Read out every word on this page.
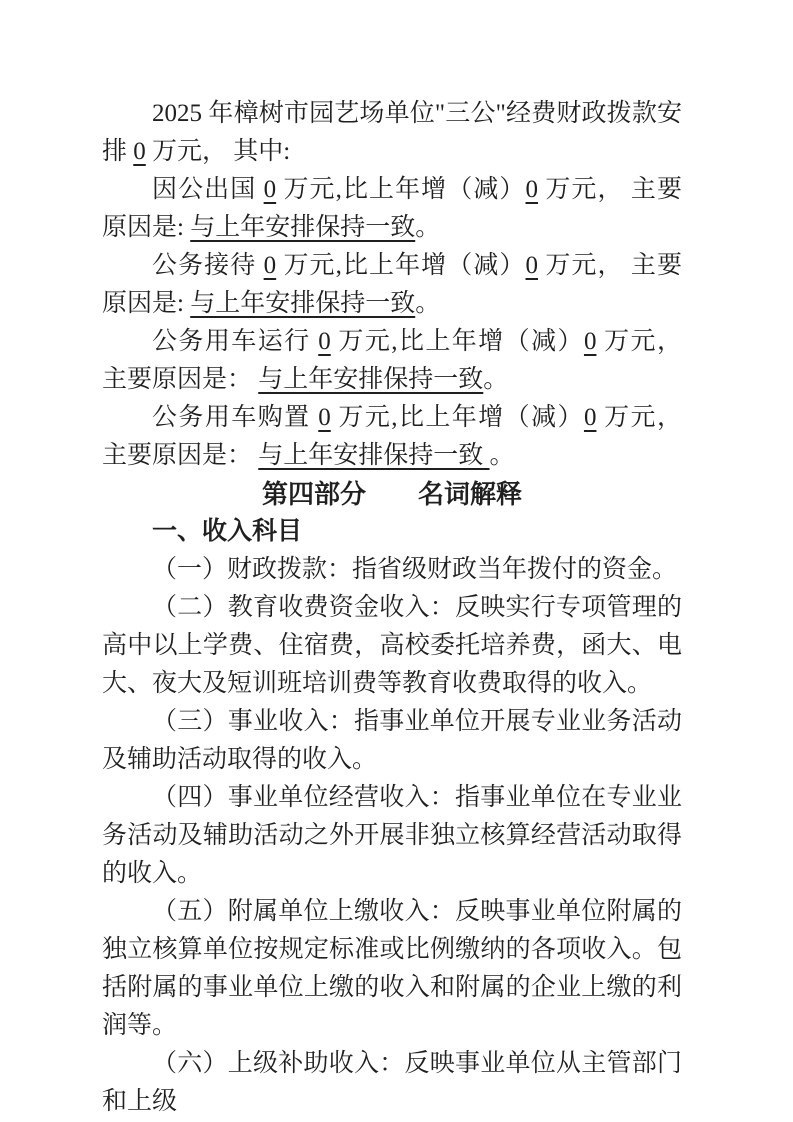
2025 年樟树市园艺场单位"三公"经费财政拨款安排 0 万元， 其中:

因公出国 0 万元,比上年增（减）0 万元， 主要原因是: 与上年安排保持一致。

公务接待 0 万元,比上年增（减）0 万元， 主要原因是: 与上年安排保持一致。

公务用车运行 0 万元,比上年增（减）0 万元， 主要原因是： 与上年安排保持一致。

公务用车购置 0 万元,比上年增（减）0 万元， 主要原因是： 与上年安排保持一致 。

第四部分　　名词解释

一、收入科目

（一）财政拨款：指省级财政当年拨付的资金。

（二）教育收费资金收入：反映实行专项管理的高中以上学费、住宿费，高校委托培养费，函大、电大、夜大及短训班培训费等教育收费取得的收入。

（三）事业收入：指事业单位开展专业业务活动及辅助活动取得的收入。

（四）事业单位经营收入：指事业单位在专业业务活动及辅助活动之外开展非独立核算经营活动取得的收入。

（五）附属单位上缴收入：反映事业单位附属的独立核算单位按规定标准或比例缴纳的各项收入。包括附属的事业单位上缴的收入和附属的企业上缴的利润等。

（六）上级补助收入：反映事业单位从主管部门和上级
